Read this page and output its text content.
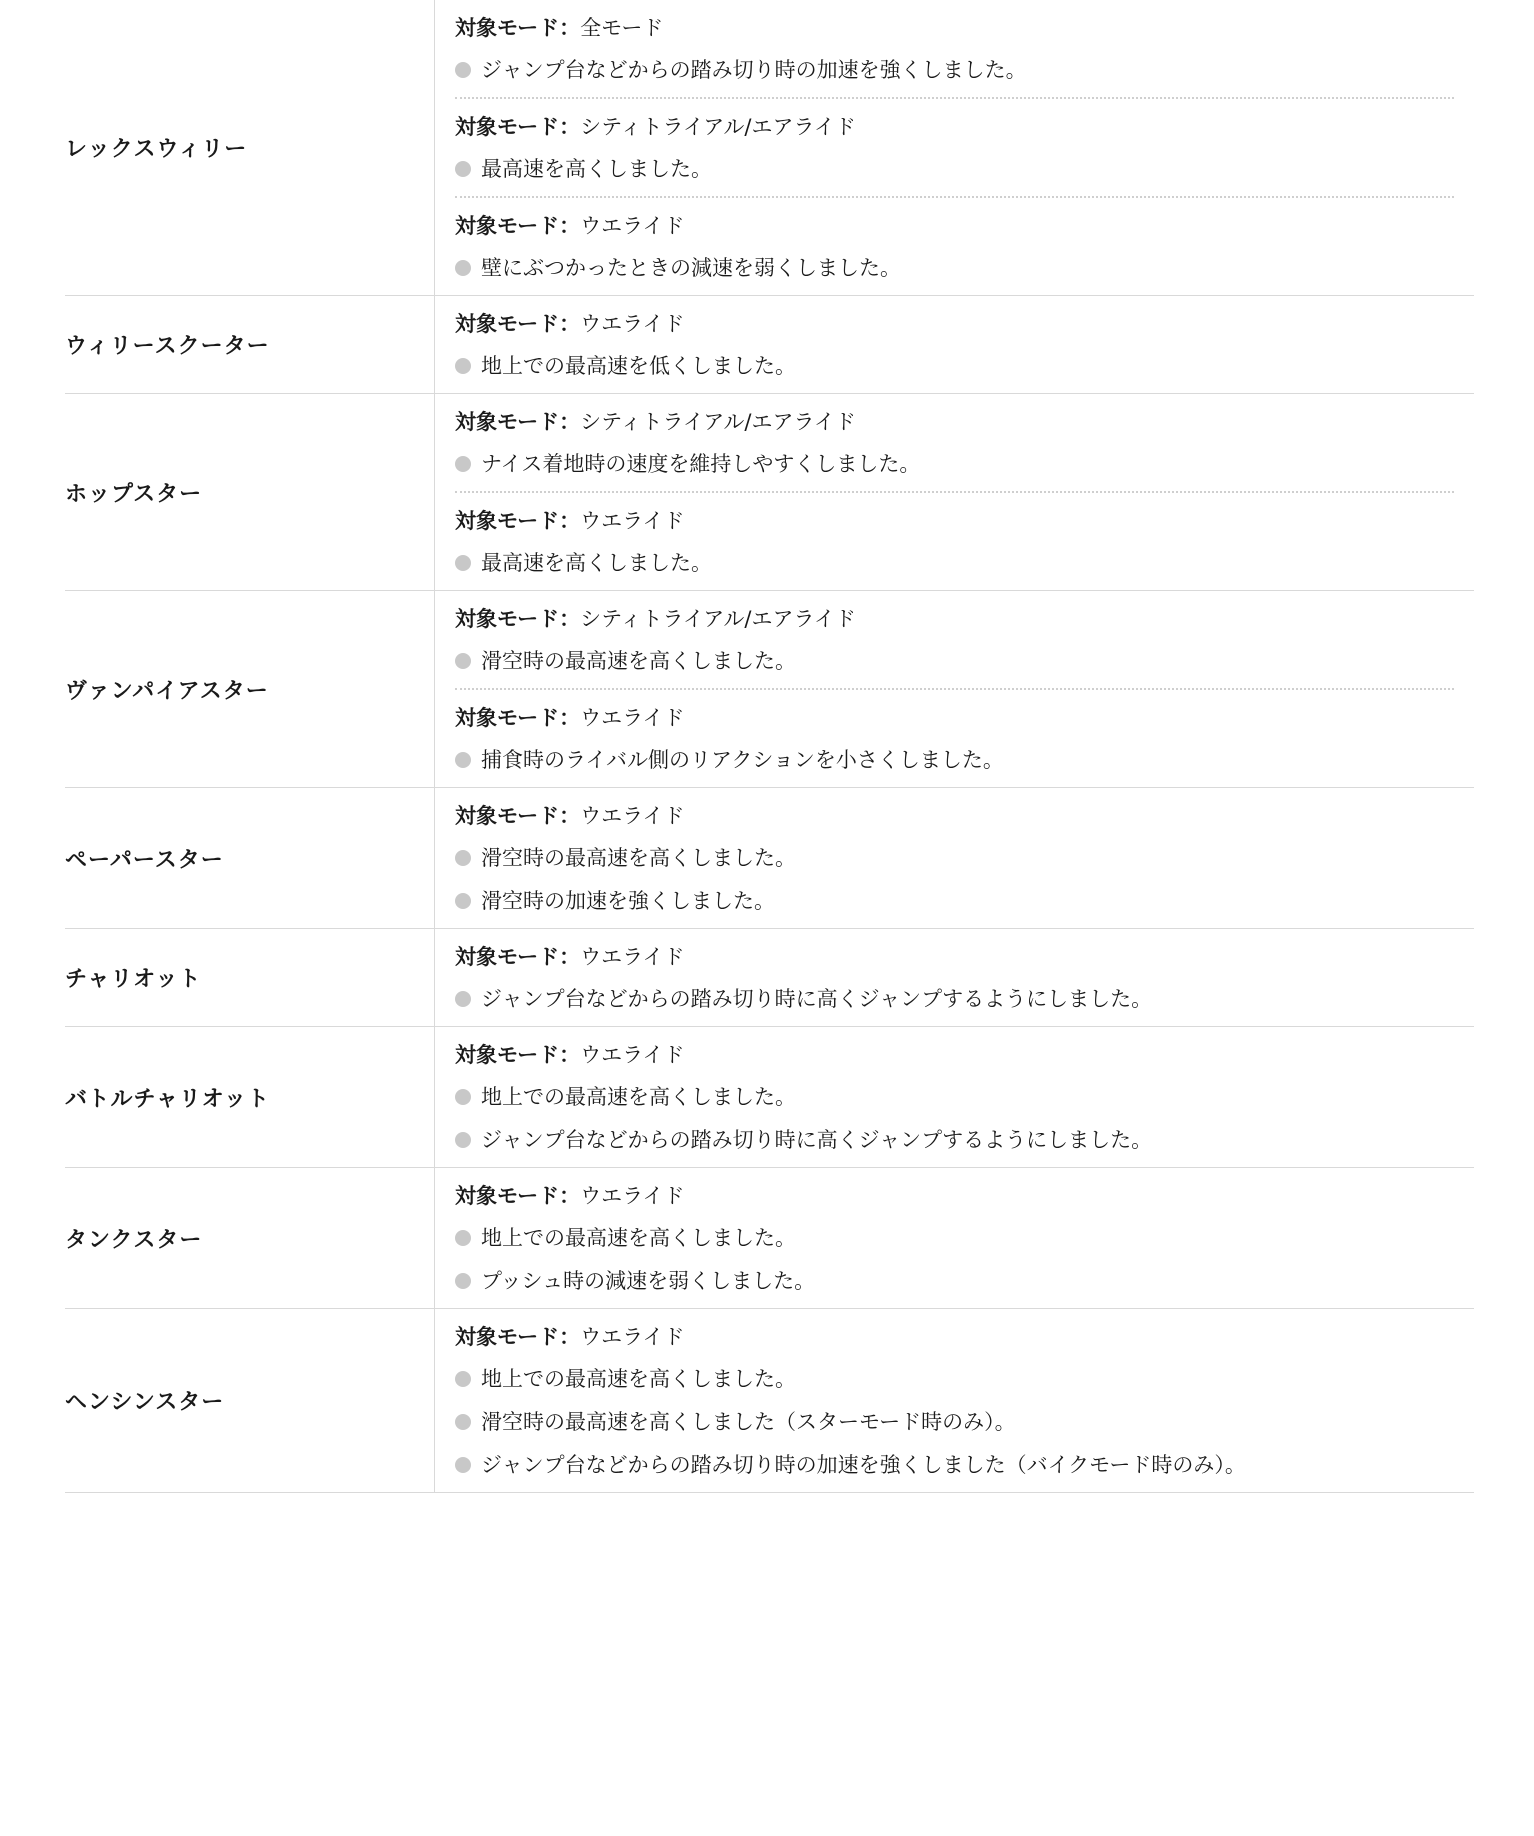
レックスウィリー
対象モード：全モード
ジャンプ台などからの踏み切り時の加速を強くしました。
対象モード：シティトライアル/エアライド
最高速を高くしました。
対象モード：ウエライド
壁にぶつかったときの減速を弱くしました。
ウィリースクーター
対象モード：ウエライド
地上での最高速を低くしました。
ホップスター
対象モード：シティトライアル/エアライド
ナイス着地時の速度を維持しやすくしました。
対象モード：ウエライド
最高速を高くしました。
ヴァンパイアスター
対象モード：シティトライアル/エアライド
滑空時の最高速を高くしました。
対象モード：ウエライド
捕食時のライバル側のリアクションを小さくしました。
ペーパースター
対象モード：ウエライド
滑空時の最高速を高くしました。
滑空時の加速を強くしました。
チャリオット
対象モード：ウエライド
ジャンプ台などからの踏み切り時に高くジャンプするようにしました。
バトルチャリオット
対象モード：ウエライド
地上での最高速を高くしました。
ジャンプ台などからの踏み切り時に高くジャンプするようにしました。
タンクスター
対象モード：ウエライド
地上での最高速を高くしました。
プッシュ時の減速を弱くしました。
ヘンシンスター
対象モード：ウエライド
地上での最高速を高くしました。
滑空時の最高速を高くしました（スターモード時のみ）。
ジャンプ台などからの踏み切り時の加速を強くしました（バイクモード時のみ）。
